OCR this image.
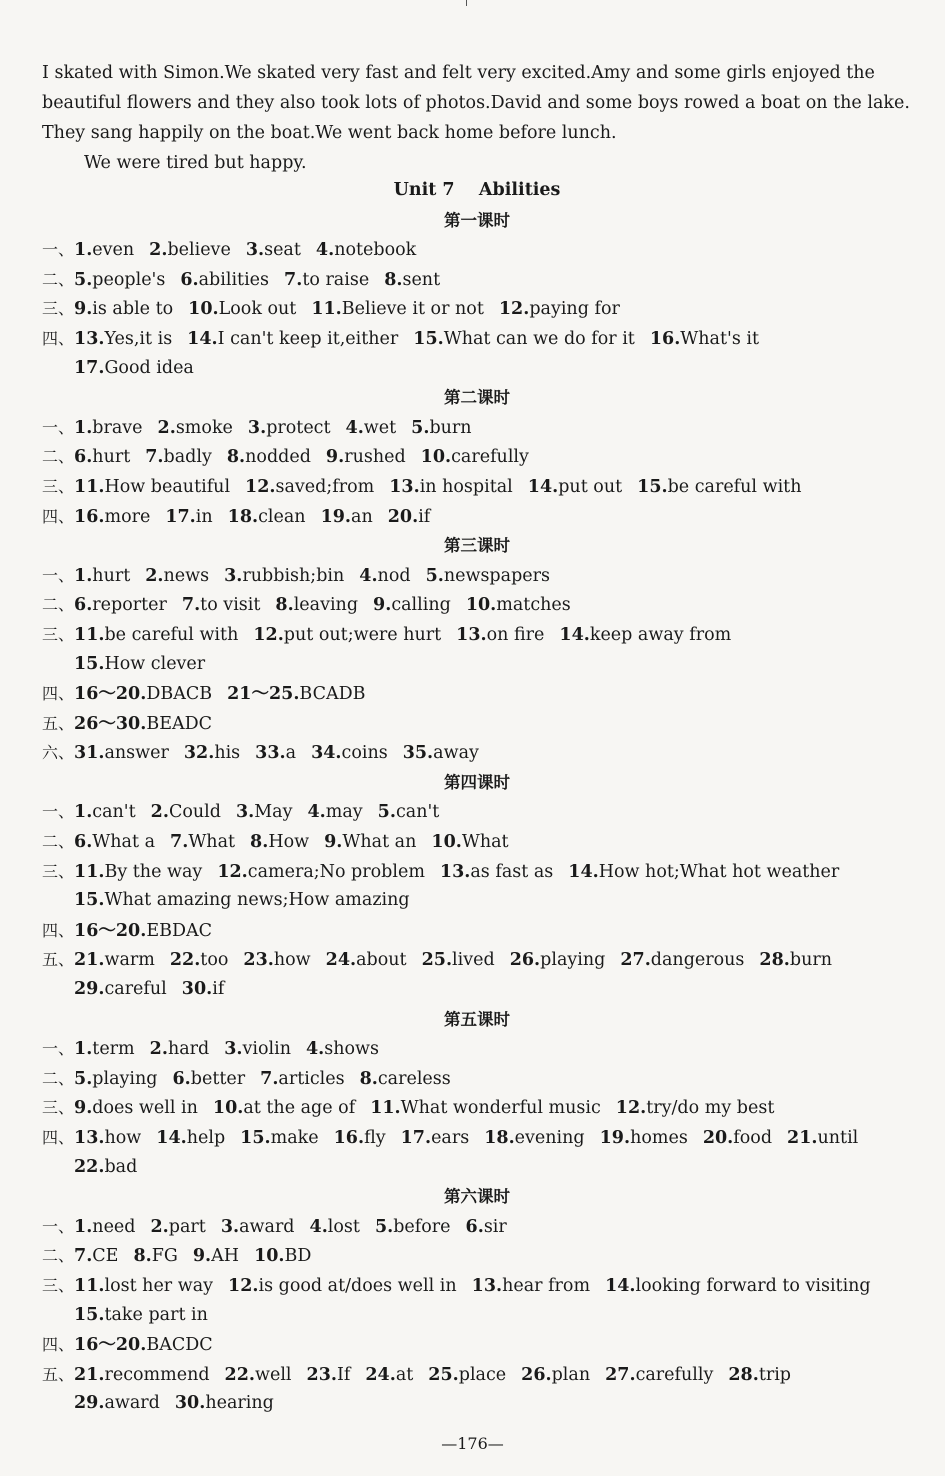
I skated with Simon.We skated very fast and felt very excited.Amy and some girls enjoyed the
beautiful flowers and they also took lots of photos.David and some boys rowed a boat on the lake.
They sang happily on the boat.We went back home before lunch.
We were tired but happy.
Unit 7    Abilities
第一课时
一、1.even 2.believe 3.seat 4.notebook
二、5.people's 6.abilities 7.to raise 8.sent
三、9.is able to 10.Look out 11.Believe it or not 12.paying for
四、13.Yes,it is 14.I can't keep it,either 15.What can we do for it 16.What's it
17.Good idea
第二课时
一、1.brave 2.smoke 3.protect 4.wet 5.burn
二、6.hurt 7.badly 8.nodded 9.rushed 10.carefully
三、11.How beautiful 12.saved;from 13.in hospital 14.put out 15.be careful with
四、16.more 17.in 18.clean 19.an 20.if
第三课时
一、1.hurt 2.news 3.rubbish;bin 4.nod 5.newspapers
二、6.reporter 7.to visit 8.leaving 9.calling 10.matches
三、11.be careful with 12.put out;were hurt 13.on fire 14.keep away from
15.How clever
四、16～20.DBACB 21～25.BCADB
五、26～30.BEADC
六、31.answer 32.his 33.a 34.coins 35.away
第四课时
一、1.can't 2.Could 3.May 4.may 5.can't
二、6.What a 7.What 8.How 9.What an 10.What
三、11.By the way 12.camera;No problem 13.as fast as 14.How hot;What hot weather
15.What amazing news;How amazing
四、16～20.EBDAC
五、21.warm 22.too 23.how 24.about 25.lived 26.playing 27.dangerous 28.burn
29.careful 30.if
第五课时
一、1.term 2.hard 3.violin 4.shows
二、5.playing 6.better 7.articles 8.careless
三、9.does well in 10.at the age of 11.What wonderful music 12.try/do my best
四、13.how 14.help 15.make 16.fly 17.ears 18.evening 19.homes 20.food 21.until
22.bad
第六课时
一、1.need 2.part 3.award 4.lost 5.before 6.sir
二、7.CE 8.FG 9.AH 10.BD
三、11.lost her way 12.is good at/does well in 13.hear from 14.looking forward to visiting
15.take part in
四、16～20.BACDC
五、21.recommend 22.well 23.If 24.at 25.place 26.plan 27.carefully 28.trip
29.award 30.hearing
—176—
